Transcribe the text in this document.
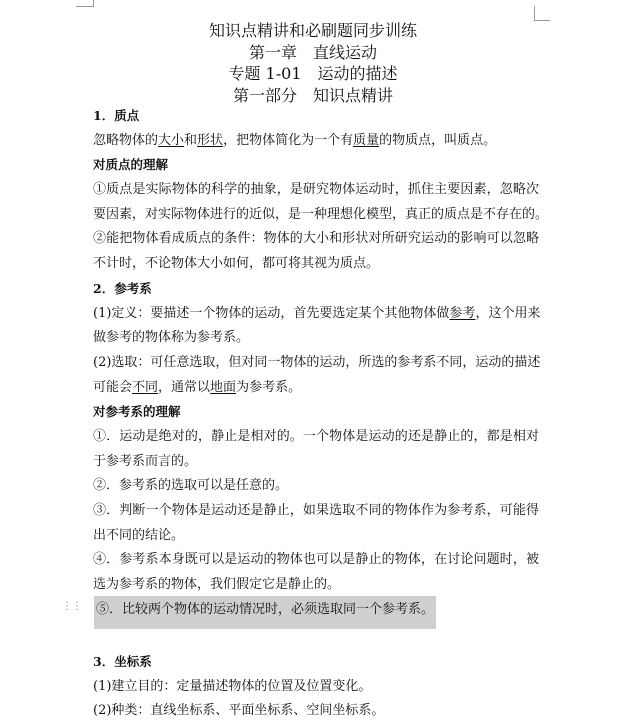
知识点精讲和必刷题同步训练
第一章　直线运动
专题 1-01　运动的描述
第一部分　知识点精讲
1．质点
忽略物体的大小和形状，把物体简化为一个有质量的物质点，叫质点。
对质点的理解
①质点是实际物体的科学的抽象，是研究物体运动时，抓住主要因素，忽略次
要因素，对实际物体进行的近似，是一种理想化模型，真正的质点是不存在的。
②能把物体看成质点的条件：物体的大小和形状对所研究运动的影响可以忽略
不计时，不论物体大小如何，都可将其视为质点。
2．参考系
(1)定义：要描述一个物体的运动，首先要选定某个其他物体做参考，这个用来
做参考的物体称为参考系。
(2)选取：可任意选取，但对同一物体的运动，所选的参考系不同，运动的描述
可能会不同，通常以地面为参考系。
对参考系的理解
①．运动是绝对的，静止是相对的。一个物体是运动的还是静止的，都是相对
于参考系而言的。
②．参考系的选取可以是任意的。
③．判断一个物体是运动还是静止，如果选取不同的物体作为参考系，可能得
出不同的结论。
④．参考系本身既可以是运动的物体也可以是静止的物体，在讨论问题时，被
选为参考系的物体，我们假定它是静止的。
⑤．比较两个物体的运动情况时，必须选取同一个参考系。
⋮⋮
3．坐标系
(1)建立目的：定量描述物体的位置及位置变化。
(2)种类：直线坐标系、平面坐标系、空间坐标系。
